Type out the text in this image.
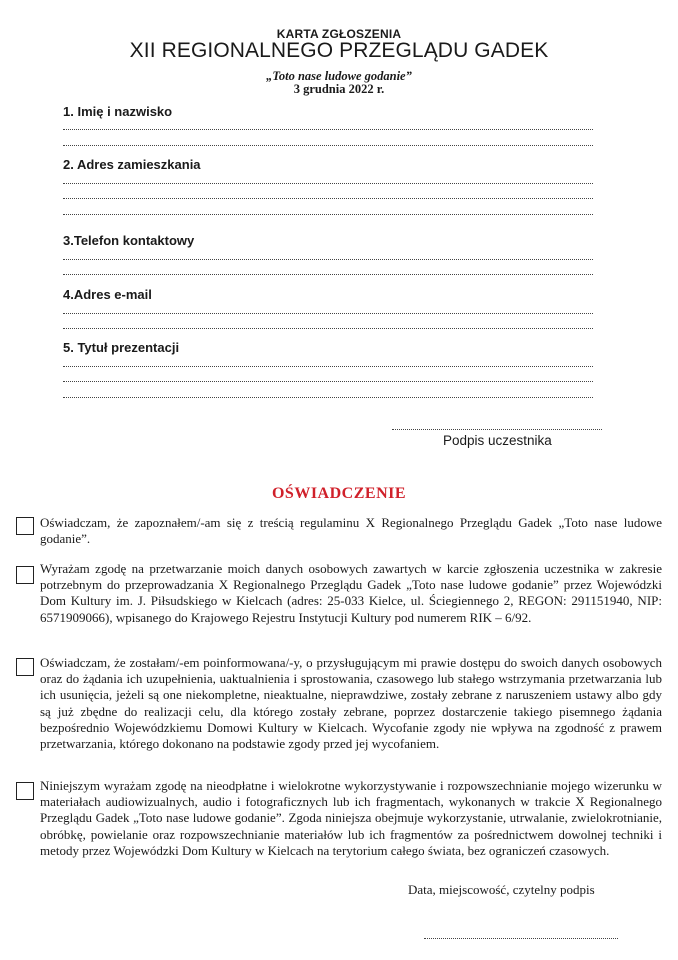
KARTA ZGŁOSZENIA
XII REGIONALNEGO PRZEGLĄDU GADEK
„Toto nase ludowe godanie”
3 grudnia 2022 r.
1. Imię i nazwisko
2. Adres zamieszkania
3.Telefon kontaktowy
4.Adres e-mail
5. Tytuł prezentacji
Podpis uczestnika
OŚWIADCZENIE
Oświadczam, że zapoznałem/-am się z treścią regulaminu X Regionalnego Przeglądu Gadek „Toto nase ludowe godanie”.
Wyrażam zgodę na przetwarzanie moich danych osobowych zawartych w karcie zgłoszenia uczestnika w zakresie potrzebnym do przeprowadzania X Regionalnego Przeglądu Gadek „Toto nase ludowe godanie” przez Wojewódzki Dom Kultury im. J. Piłsudskiego w Kielcach (adres: 25-033 Kielce, ul. Ściegiennego 2, REGON: 291151940, NIP: 6571909066), wpisanego do Krajowego Rejestru Instytucji Kultury pod numerem RIK – 6/92.
Oświadczam, że zostałam/-em poinformowana/-y, o przysługującym mi prawie dostępu do swoich danych osobowych oraz do żądania ich uzupełnienia, uaktualnienia i sprostowania, czasowego lub stałego wstrzymania przetwarzania lub ich usunięcia, jeżeli są one niekompletne, nieaktualne, nieprawdziwe, zostały zebrane z naruszeniem ustawy albo gdy są już zbędne do realizacji celu, dla którego zostały zebrane, poprzez dostarczenie takiego pisemnego żądania bezpośrednio Wojewódzkiemu Domowi Kultury w Kielcach. Wycofanie zgody nie wpływa na zgodność z prawem przetwarzania, którego dokonano na podstawie zgody przed jej wycofaniem.
Niniejszym wyrażam zgodę na nieodpłatne i wielokrotne wykorzystywanie i rozpowszechnianie mojego wizerunku w materiałach audiowizualnych, audio i fotograficznych lub ich fragmentach, wykonanych w trakcie X Regionalnego Przeglądu Gadek „Toto nase ludowe godanie”. Zgoda niniejsza obejmuje wykorzystanie, utrwalanie, zwielokrotnianie, obróbkę, powielanie oraz rozpowszechnianie materiałów lub ich fragmentów za pośrednictwem dowolnej techniki i metody przez Wojewódzki Dom Kultury w Kielcach na terytorium całego świata, bez ograniczeń czasowych.
Data, miejscowość, czytelny podpis
